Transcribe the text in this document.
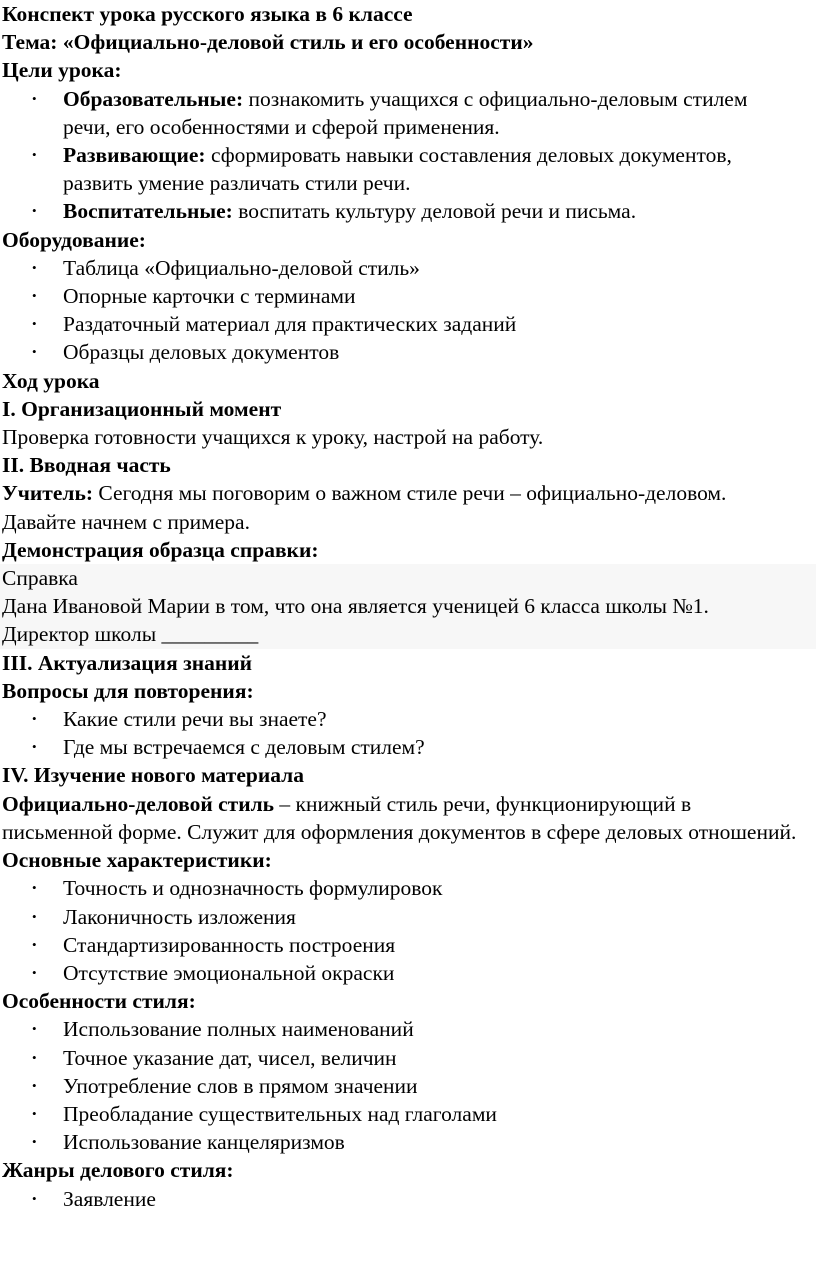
Конспект урока русского языка в 6 классе
Тема: «Официально-деловой стиль и его особенности»
Цели урока:
• Образовательные: познакомить учащихся с официально-деловым стилем речи, его особенностями и сферой применения.
• Развивающие: сформировать навыки составления деловых документов, развить умение различать стили речи.
• Воспитательные: воспитать культуру деловой речи и письма.
Оборудование:
• Таблица «Официально-деловой стиль»
• Опорные карточки с терминами
• Раздаточный материал для практических заданий
• Образцы деловых документов
Ход урока
I. Организационный момент
Проверка готовности учащихся к уроку, настрой на работу.
II. Вводная часть
Учитель: Сегодня мы поговорим о важном стиле речи – официально-деловом. Давайте начнем с примера.
Демонстрация образца справки:
Справка
Дана Ивановой Марии в том, что она является ученицей 6 класса школы №1.
Директор школы _________
III. Актуализация знаний
Вопросы для повторения:
• Какие стили речи вы знаете?
• Где мы встречаемся с деловым стилем?
IV. Изучение нового материала
Официально-деловой стиль – книжный стиль речи, функционирующий в письменной форме. Служит для оформления документов в сфере деловых отношений.
Основные характеристики:
• Точность и однозначность формулировок
• Лаконичность изложения
• Стандартизированность построения
• Отсутствие эмоциональной окраски
Особенности стиля:
• Использование полных наименований
• Точное указание дат, чисел, величин
• Употребление слов в прямом значении
• Преобладание существительных над глаголами
• Использование канцеляризмов
Жанры делового стиля:
• Заявление
